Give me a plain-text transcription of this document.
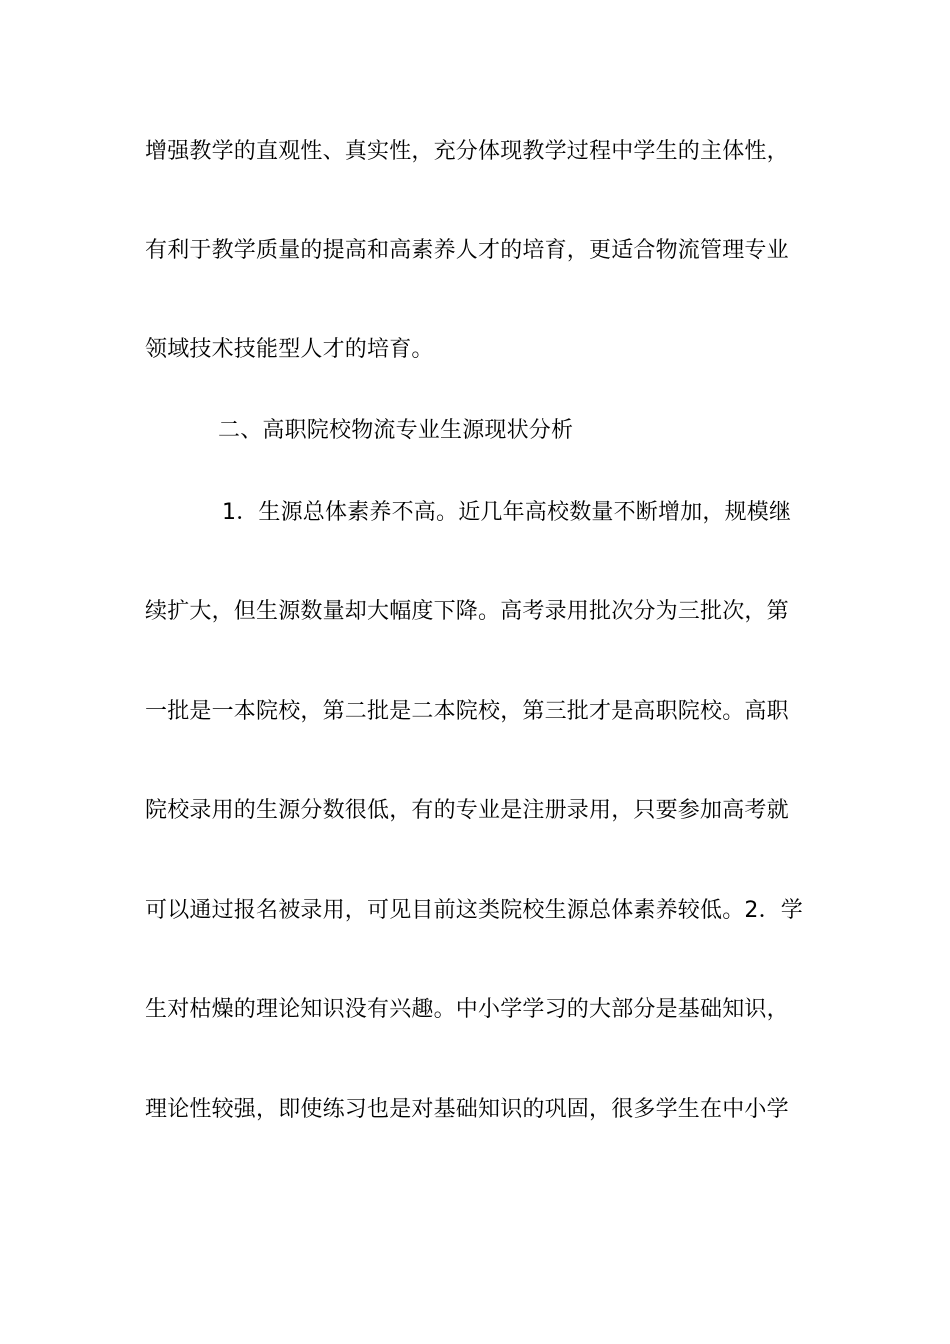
增强教学的直观性、真实性，充分体现教学过程中学生的主体性，
有利于教学质量的提高和高素养人才的培育，更适合物流管理专业
领域技术技能型人才的培育。
二、高职院校物流专业生源现状分析
1．生源总体素养不高。近几年高校数量不断增加，规模继
续扩大，但生源数量却大幅度下降。高考录用批次分为三批次，第
一批是一本院校，第二批是二本院校，第三批才是高职院校。高职
院校录用的生源分数很低，有的专业是注册录用，只要参加高考就
可以通过报名被录用，可见目前这类院校生源总体素养较低。2．学
生对枯燥的理论知识没有兴趣。中小学学习的大部分是基础知识，
理论性较强，即使练习也是对基础知识的巩固，很多学生在中小学
